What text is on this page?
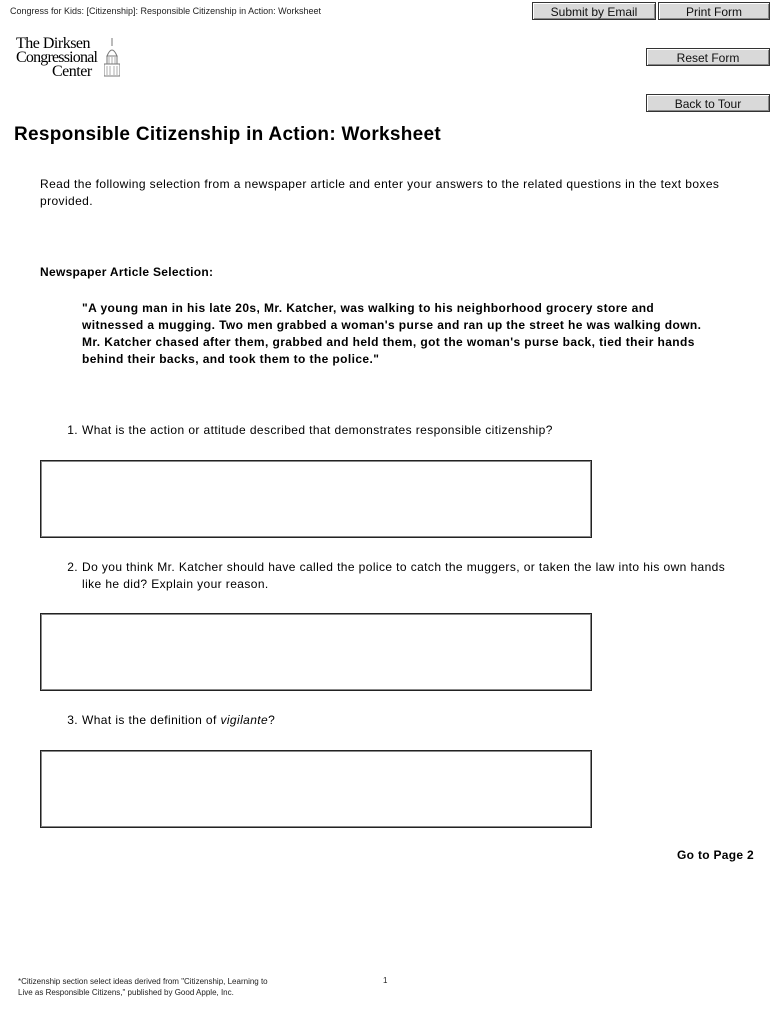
Congress for Kids: [Citizenship]: Responsible Citizenship in Action: Worksheet	Submit by Email	Print Form
Reset Form
Back to Tour
The Dirksen
Congressional
Center
Responsible Citizenship in Action: Worksheet
Read the following selection from a newspaper article and enter your answers to the related questions in the text boxes provided.
Newspaper Article Selection:
"A young man in his late 20s, Mr. Katcher, was walking to his neighborhood grocery store and witnessed a mugging. Two men grabbed a woman's purse and ran up the street he was walking down. Mr. Katcher chased after them, grabbed and held them, got the woman's purse back, tied their hands behind their backs, and took them to the police."
1. What is the action or attitude described that demonstrates responsible citizenship?
2. Do you think Mr. Katcher should have called the police to catch the muggers, or taken the law into his own hands like he did? Explain your reason.
3. What is the definition of vigilante?
Go to Page 2
*Citizenship section select ideas derived from "Citizenship, Learning to
Live as Responsible Citizens," published by Good Apple, Inc.
1
